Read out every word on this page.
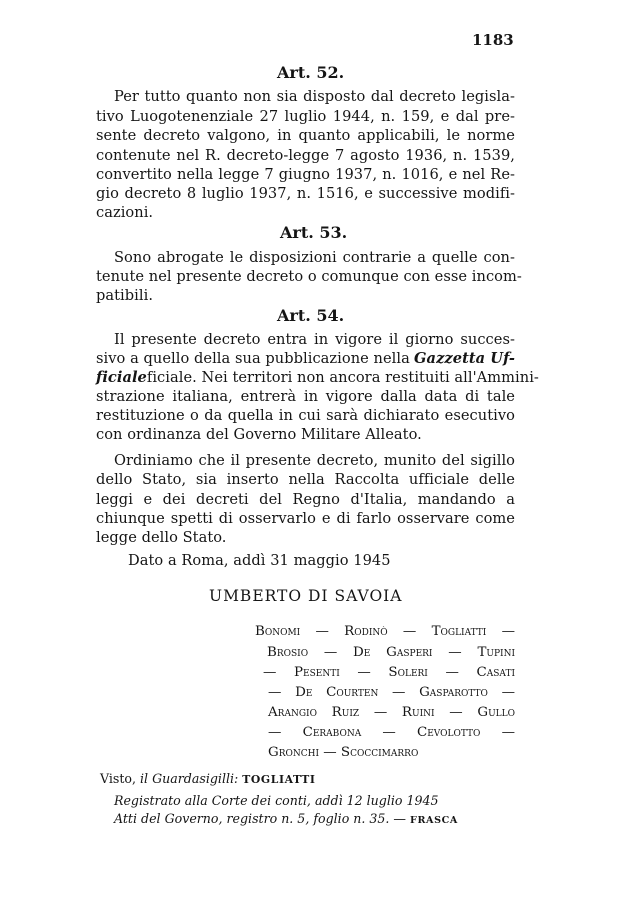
1183
Art. 52.
Per tutto quanto non sia disposto dal decreto legisla-
tivo Luogotenenziale 27 luglio 1944, n. 159, e dal pre-
sente decreto valgono, in quanto applicabili, le norme
contenute nel R. decreto-legge 7 agosto 1936, n. 1539,
convertito nella legge 7 giugno 1937, n. 1016, e nel Re-
gio decreto 8 luglio 1937, n. 1516, e successive modifi-
cazioni.
Art. 53.
Sono abrogate le disposizioni contrarie a quelle con-
tenute nel presente decreto o comunque con esse incom-
patibili.
Art. 54.
Il presente decreto entra in vigore il giorno succes-
sivo a quello della sua pubblicazione nella Gazzetta Uf-
ficiale ficiale. Nei territori non ancora restituiti all'Ammini-
strazione italiana, entrerà in vigore dalla data di tale
restituzione o da quella in cui sarà dichiarato esecutivo
con ordinanza del Governo Militare Alleato.
Ordiniamo che il presente decreto, munito del sigillo
dello Stato, sia inserto nella Raccolta ufficiale delle
leggi e dei decreti del Regno d'Italia, mandando a
chiunque spetti di osservarlo e di farlo osservare come
legge dello Stato.
Dato a Roma, addì 31 maggio 1945
UMBERTO DI SAVOIA
Bonomi — Rodinò — Togliatti —
Brosio — De Gasperi — Tupini
— Pesenti — Soleri — Casati
— De Courten — Gasparotto —
Arangio Ruiz — Ruini — Gullo
— Cerabona — Cevolotto —
Gronchi — Scoccimarro
Visto, il Guardasigilli: TOGLIATTI
Registrato alla Corte dei conti, addì 12 luglio 1945
Atti del Governo, registro n. 5, foglio n. 35. — FRASCA
